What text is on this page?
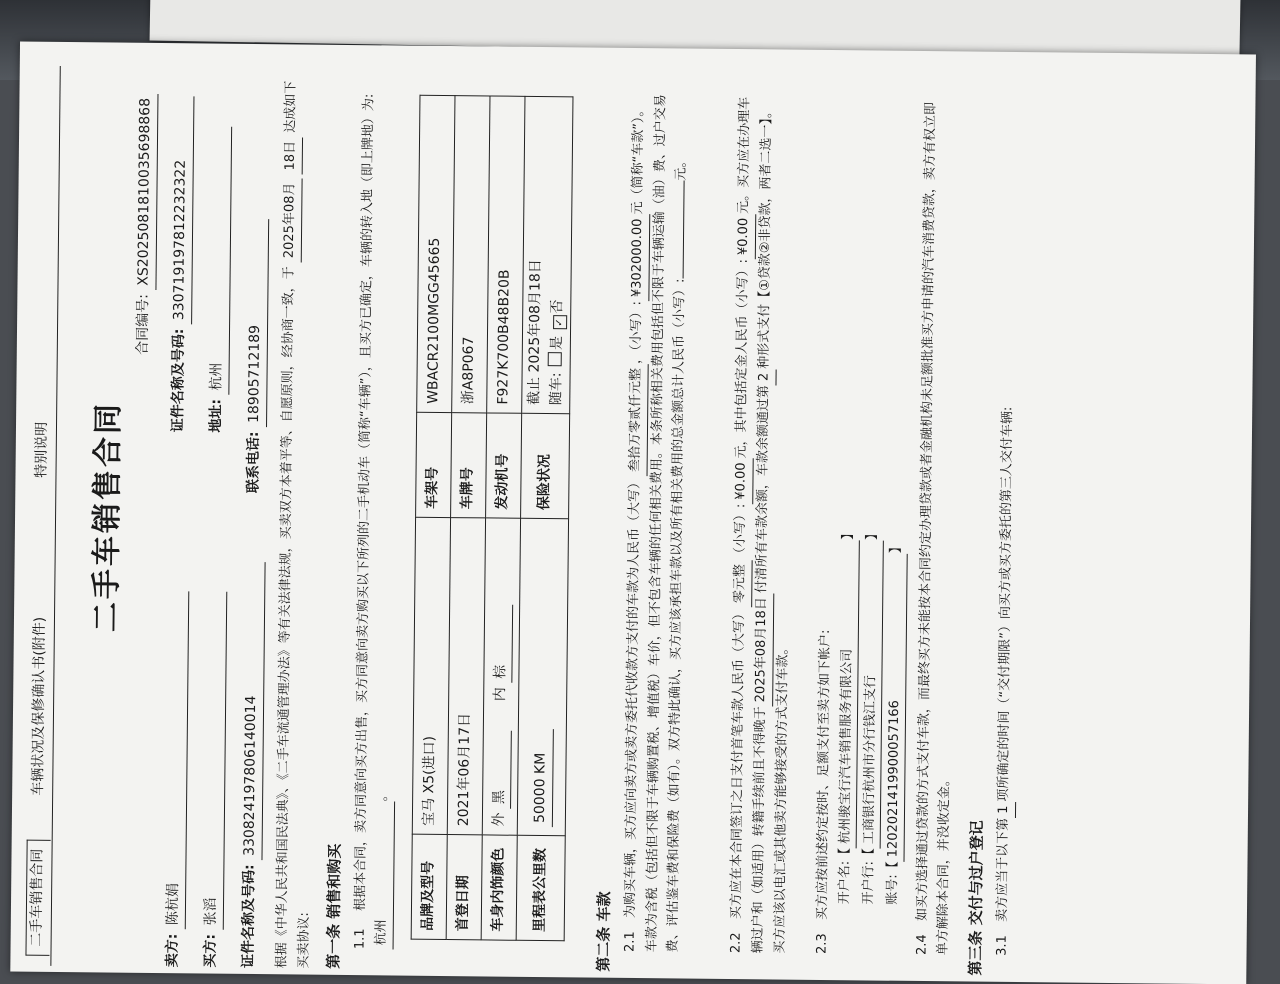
二手车销售合同
车辆状况及保修确认书(附件)
特别说明 二手车销售合同
合同编号: XS2025081810035698868
卖方: 陈杭娟  证件名称及号码: 330719197812232322
买方: 张滔  地址: 杭州
证件名称及号码: 330824197806140014  联系电话: 18905712189 根据《中华人民共和国民法典》、《二手车流通管理办法》等有关法律法规，买卖双方本着平等、自愿原则，经协商一致，于 2025年08月 18日 达成如下买卖协议: 第一条 销售和购买 1.1 根据本合同，卖方同意向买方出售，买方同意向卖方购买以下所列的二手机动车（简称“车辆”），且买方已确定，车辆的转入地（即上牌地）为: 杭州。
品牌及型号	宝马 X5(进口)	车架号	WBACR2100MGG45665
首登日期	2021年06月17日	车牌号	浙A8P067
车身内饰颜色	外 黑  内 棕	发动机号	F927K700B48B20B
里程表公里数	50000 KM	保险状况	截止 2025年08月18日
随车: 是 ✓否
第二条 车款 2.1为购买车辆，买方应向卖方或卖方委托代收款方支付的车款为人民币（大写）叁拾万零贰仟元整，（小写）:¥302000.00元（简称“车款”）。车款为含税（包括但不限于车辆购置税、增值税）车价，但不包含车辆的任何相关费用。本条所称相关费用包括但不限于车辆运输（油）费、过户交易费、评估鉴车费和保险费（如有）。双方特此确认，买方应该承担车款以及所有相关费用的总金额总计人民币（小写）:元。
2.2买方应在本合同签订之日支付首笔车款人民币（大写）零元整（小写）:¥0.00元，其中包括定金人民币（小写）:¥0.00元。买方应在办理车辆过户和（如适用）转籍手续前且不得晚于2025年08月18日付清所有车款余额，车款余额通过第2种形式支付【①贷款②非贷款，两者二选一】。买方应该以电汇或其他卖方能够接受的方式支付车款。	2.3买方应按前述约定按时、足额支付至卖方如下帐户: 开户名:【杭州骏宝行汽车销售服务有限公司】
开户行:【工商银行杭州市分行钱江支行】
账号:【1202021419900057166】
2.4如买方选择通过贷款的方式支付车款，而最终买方未能按本合同约定办理贷款或者金融机构未足额批准买方申请的汽车消费贷款，卖方有权立即单方解除本合同，并没收定金。 第三条 交付与过户登记 3.1卖方应当于以下第1项所确定的时间（“交付期限”）向买方或买方委托的第三人交付车辆:
